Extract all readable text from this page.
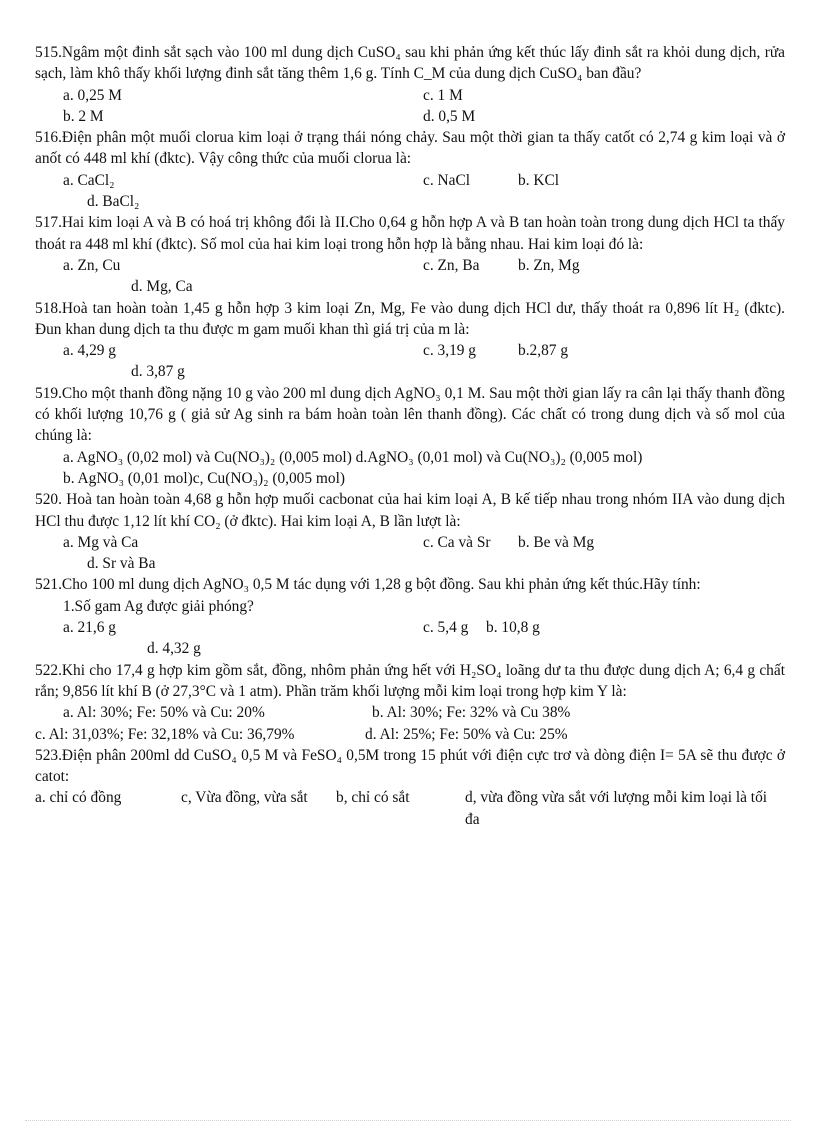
515.Ngâm một đinh sắt sạch vào 100 ml dung dịch CuSO₄ sau khi phản ứng kết thúc lấy đinh sắt ra khỏi dung dịch, rửa sạch, làm khô thấy khối lượng đinh sắt tăng thêm 1,6 g. Tính C_M của dung dịch CuSO₄ ban đầu?

a. 0,25 M	c. 1 M
b. 2 M	d. 0,5 M

516.Điện phân một muối clorua kim loại ở trạng thái nóng chảy. Sau một thời gian ta thấy catốt có 2,74 g kim loại và ở anốt có 448 ml khí (đktc). Vậy công thức của muối clorua là:

a. CaCl₂	c. NaCl	b. KCl
d. BaCl₂

517.Hai kim loại A và B có hoá trị không đổi là II.Cho 0,64 g hỗn hợp A và B tan hoàn toàn trong dung dịch HCl ta thấy thoát ra 448 ml khí (đktc). Số mol của hai kim loại trong hỗn hợp là bằng nhau. Hai kim loại đó là:

a. Zn, Cu	c. Zn, Ba	b. Zn, Mg
d. Mg, Ca

518.Hoà tan hoàn toàn 1,45 g hỗn hợp 3 kim loại Zn, Mg, Fe vào dung dịch HCl dư, thấy thoát ra 0,896 lít H₂ (đktc). Đun khan dung dịch ta thu được m gam muối khan thì giá trị của m là:

a. 4,29 g	c. 3,19 g	b.2,87 g
d. 3,87 g

519.Cho một thanh đồng nặng 10 g vào 200 ml dung dịch AgNO₃ 0,1 M. Sau một thời gian lấy ra cân lại thấy thanh đồng có khối lượng 10,76 g ( giả sử Ag sinh ra bám hoàn toàn lên thanh đồng). Các chất có trong dung dịch và số mol của chúng là:

a. AgNO₃ (0,02 mol) và Cu(NO₃)₂ (0,005 mol) d.AgNO₃ (0,01 mol) và Cu(NO₃)₂ (0,005 mol)
b. AgNO₃ (0,01 mol)c, Cu(NO₃)₂ (0,005 mol)

520. Hoà tan hoàn toàn 4,68 g hỗn hợp muối cacbonat của hai kim loại A, B kế tiếp nhau trong nhóm IIA vào dung dịch HCl thu được 1,12 lít khí CO₂ (ở đktc). Hai kim loại A, B lần lượt là:

a. Mg và Ca	c. Ca và Sr b. Be và Mg
d. Sr và Ba

521.Cho 100 ml dung dịch AgNO₃ 0,5 M tác dụng với 1,28 g bột đồng. Sau khi phản ứng kết thúc.Hãy tính:

1.Số gam Ag được giải phóng?
a. 21,6 g	c. 5,4 g b. 10,8 g
d. 4,32 g

522.Khi cho 17,4 g hợp kim gồm sắt, đồng, nhôm phản ứng hết với H₂SO₄ loãng dư ta thu được dung dịch A; 6,4 g chất rắn; 9,856 lít khí B (ở 27,3°C và 1 atm). Phần trăm khối lượng mỗi kim loại trong hợp kim Y là:

a. Al: 30%; Fe: 50% và Cu: 20%	b. Al: 30%; Fe: 32% và Cu 38%
c. Al: 31,03%; Fe: 32,18% và Cu: 36,79%	d. Al: 25%; Fe: 50% và Cu: 25%

523.Điện phân 200ml dd CuSO₄ 0,5 M và FeSO₄ 0,5M trong 15 phút với điện cực trơ và dòng điện I= 5A sẽ thu được ở catot:

a. chỉ có đồng	c, Vừa đồng, vừa sắt b, chỉ có sắt	d, vừa đồng vừa sắt với lượng mỗi kim loại là tối đa
